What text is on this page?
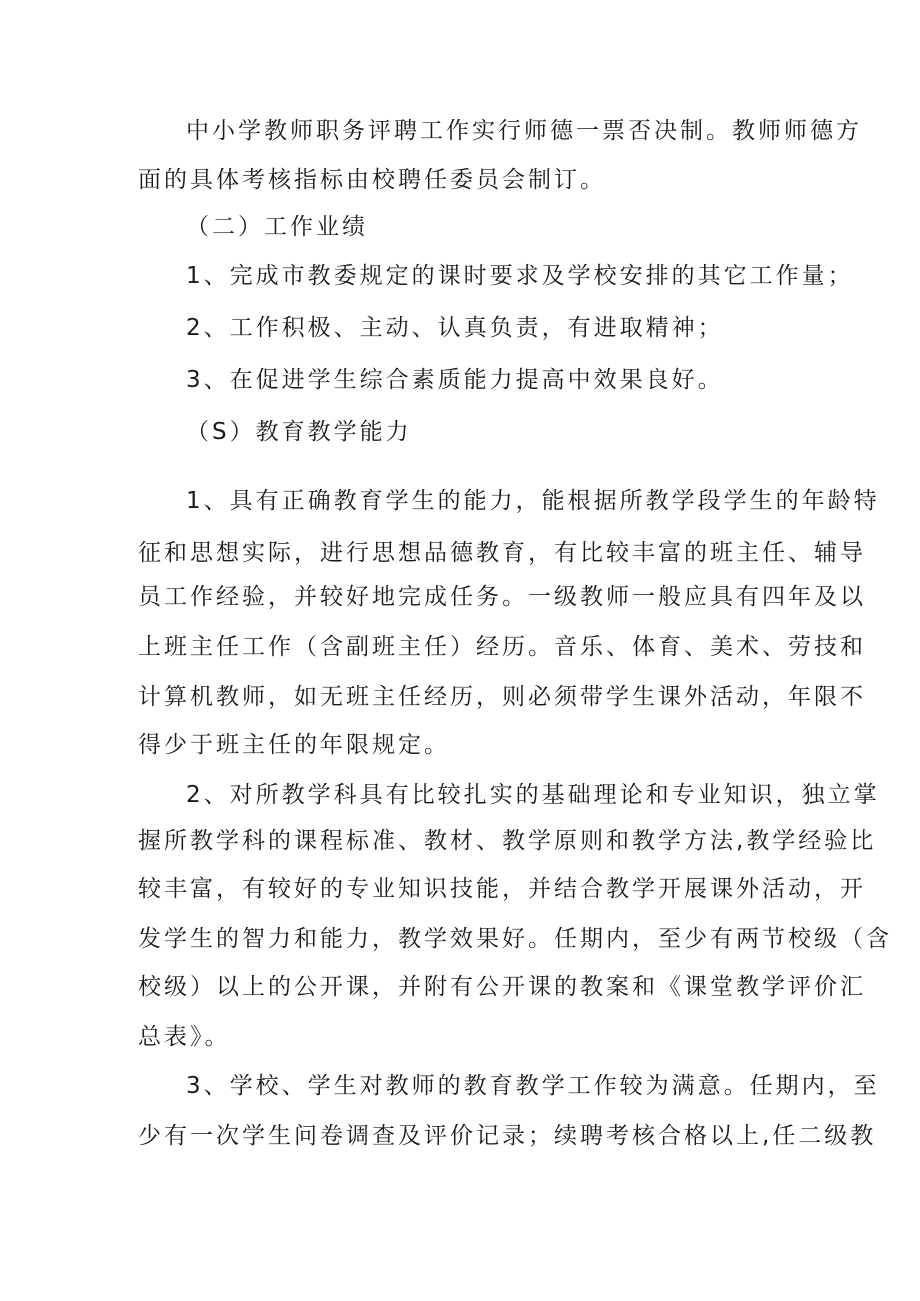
中小学教师职务评聘工作实行师德一票否决制。教师师德方
面的具体考核指标由校聘任委员会制订。
（二）工作业绩
1、完成市教委规定的课时要求及学校安排的其它工作量；
2、工作积极、主动、认真负责，有进取精神；
3、在促进学生综合素质能力提高中效果良好。
（S）教育教学能力
1、具有正确教育学生的能力，能根据所教学段学生的年龄特
征和思想实际，进行思想品德教育，有比较丰富的班主任、辅导
员工作经验，并较好地完成任务。一级教师一般应具有四年及以
上班主任工作（含副班主任）经历。音乐、体育、美术、劳技和
计算机教师，如无班主任经历，则必须带学生课外活动，年限不
得少于班主任的年限规定。
2、对所教学科具有比较扎实的基础理论和专业知识，独立掌
握所教学科的课程标准、教材、教学原则和教学方法,教学经验比
较丰富，有较好的专业知识技能，并结合教学开展课外活动，开
发学生的智力和能力，教学效果好。任期内，至少有两节校级（含
校级）以上的公开课，并附有公开课的教案和《课堂教学评价汇
总表》。
3、学校、学生对教师的教育教学工作较为满意。任期内，至
少有一次学生问卷调查及评价记录；续聘考核合格以上,任二级教
